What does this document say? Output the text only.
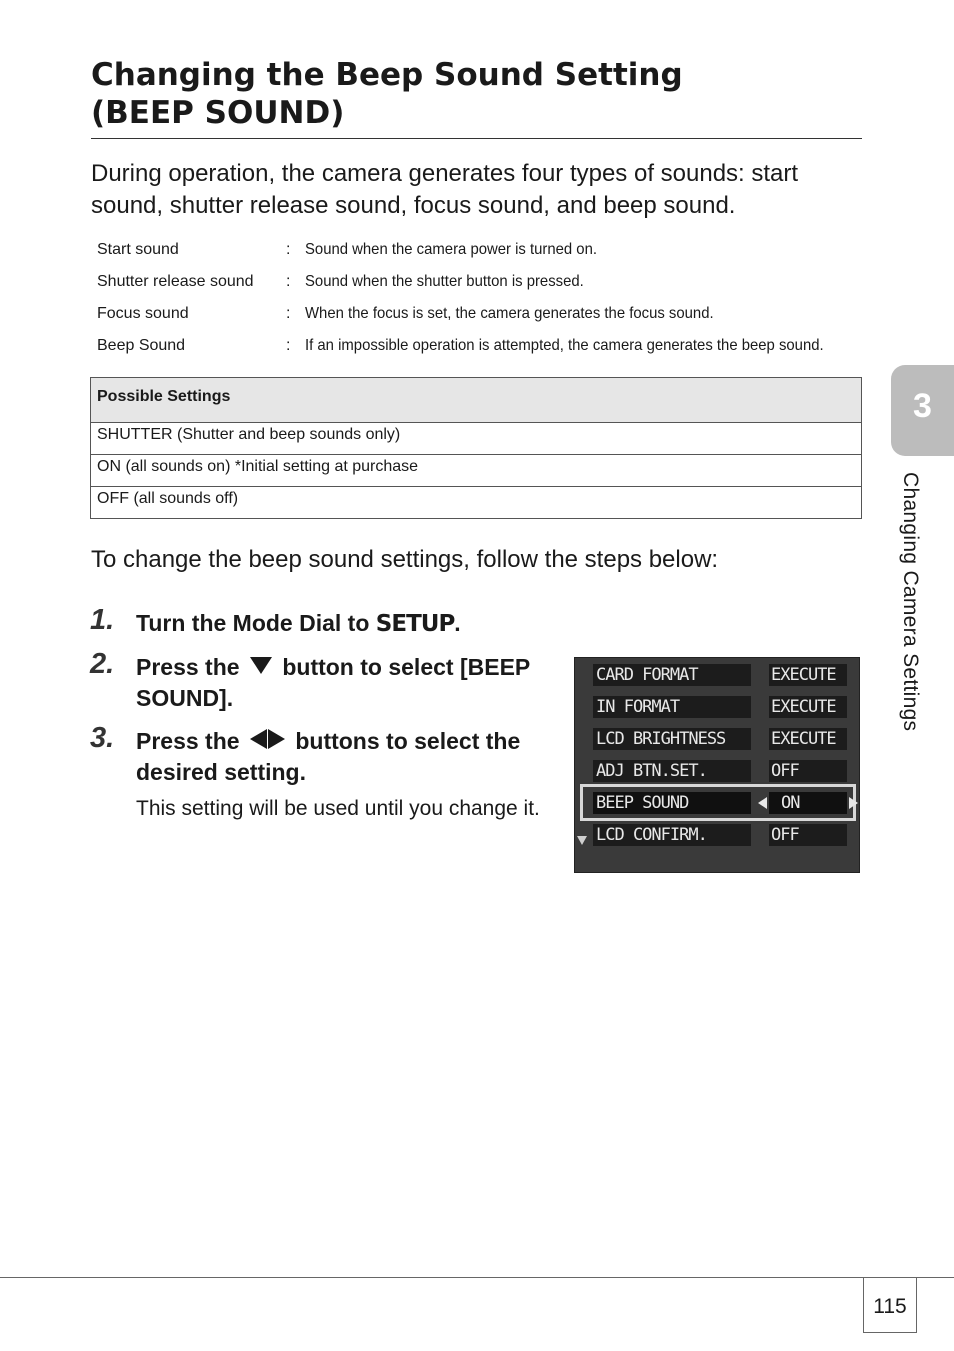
Changing the Beep Sound Setting
(BEEP SOUND)

During operation, the camera generates four types of sounds: start sound, shutter release sound, focus sound, and beep sound.

Start sound	: Sound when the camera power is turned on.
Shutter release sound : Sound when the shutter button is pressed.
Focus sound	: When the focus is set, the camera generates the focus sound.
Beep Sound	: If an impossible operation is attempted, the camera generates the beep sound.
Possible Settings
SHUTTER (Shutter and beep sounds only)
ON (all sounds on) *Initial setting at purchase
OFF (all sounds off)

To change the beep sound settings, follow the steps below:

1. Turn the Mode Dial to SETUP.
2. Press the  button to select [BEEP SOUND].
3. Press the  buttons to select the desired setting.

This setting will be used until you change it.

CARD FORMAT	EXECUTE
IN FORMAT	EXECUTE
LCD BRIGHTNESS	EXECUTE
ADJ BTN.SET.	OFF
BEEP SOUND	ON
LCD CONFIRM.	OFF
3
Changing Camera Settings
115
